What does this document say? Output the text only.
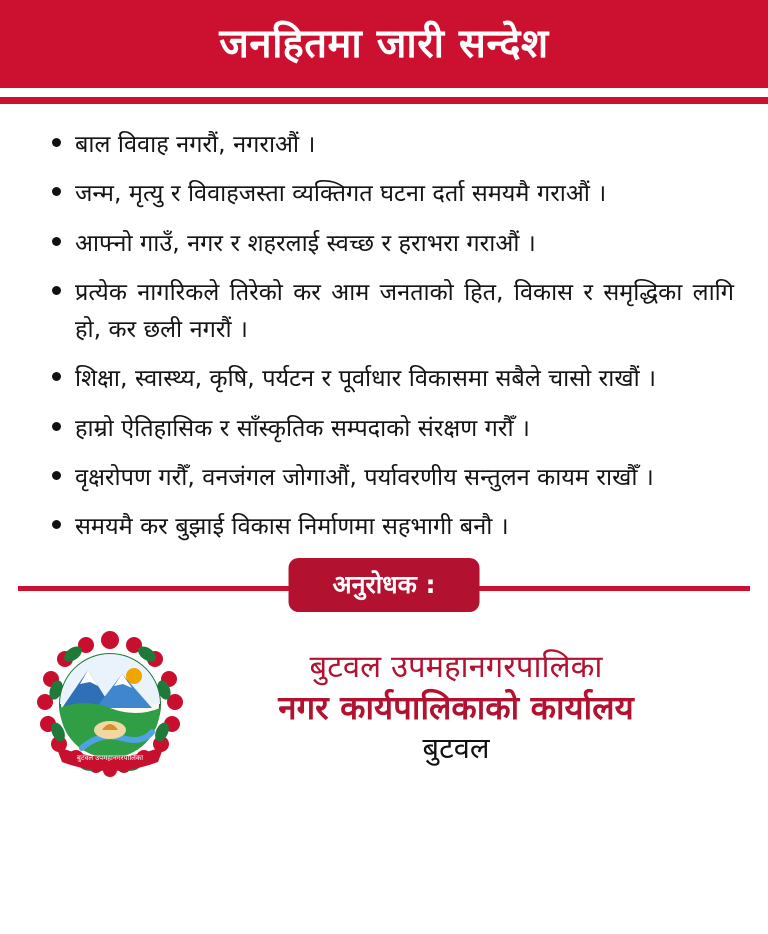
जनहितमा जारी सन्देश
बाल विवाह नगरौं, नगराऔं ।
जन्म, मृत्यु र विवाहजस्ता व्यक्तिगत घटना दर्ता समयमै गराऔं ।
आफ्नो गाउँ, नगर र शहरलाई स्वच्छ र हराभरा गराऔं ।
प्रत्येक नागरिकले तिरेको कर आम जनताको हित, विकास र समृद्धिका लागि हो, कर छली नगरौं ।
शिक्षा, स्वास्थ्य, कृषि, पर्यटन र पूर्वाधार विकासमा सबैले चासो राखौं ।
हाम्रो ऐतिहासिक र साँस्कृतिक सम्पदाको संरक्षण गरौँ ।
वृक्षरोपण गरौँ, वनजंगल जोगाऔं, पर्यावरणीय सन्तुलन कायम राखौँ ।
समयमै कर बुझाई विकास निर्माणमा सहभागी बनौ ।
अनुरोधक :
बुटवल उपमहानगरपालिका
बुटवल उपमहानगरपालिका
नगर कार्यपालिकाको कार्यालय
बुटवल
